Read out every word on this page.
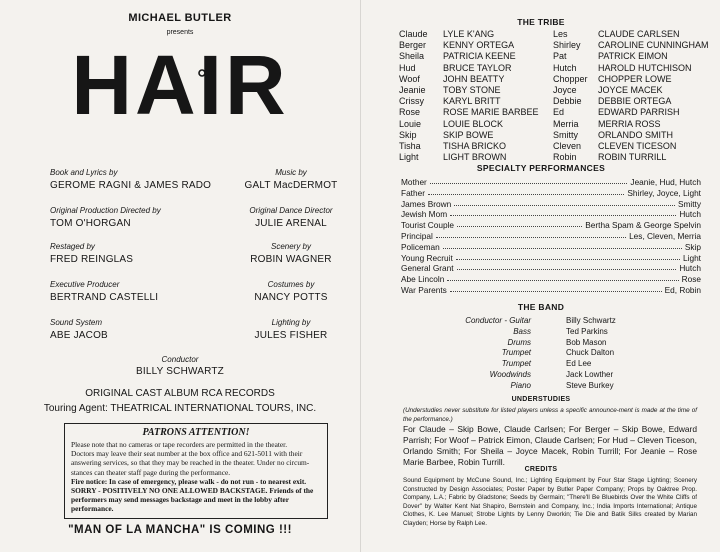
MICHAEL BUTLER
presents
HAIR
Book and Lyrics by
GEROME RAGNI & JAMES RADO
Music by
GALT MacDERMOT
Original Production Directed by
TOM O'HORGAN
Original Dance Director
JULIE ARENAL
Restaged by
FRED REINGLAS
Scenery by
ROBIN WAGNER
Executive Producer
BERTRAND CASTELLI
Costumes by
NANCY POTTS
Sound System
ABE JACOB
Lighting by
JULES FISHER
Conductor
BILLY SCHWARTZ
ORIGINAL CAST ALBUM RCA RECORDS
Touring Agent: THEATRICAL INTERNATIONAL TOURS, INC.
PATRONS ATTENTION!
Please note that no cameras or tape recorders are permitted in the theater.
Doctors may leave their seat number at the box office and 621-5011 with their
answering services, so that they may be reached in the theater. Under no circum-
stances can theater staff page during the performance.
Fire notice: In case of emergency, please walk - do not run - to nearest exit.
SORRY - POSITIVELY NO ONE ALLOWED BACKSTAGE. Friends of the
performers may send messages backstage and meet in the lobby after performance.
"MAN OF LA MANCHA" IS COMING !!!
THE TRIBE
Claude LYLE K'ANG	Les	CLAUDE CARLSEN
Berger KENNY ORTEGA	Shirley CAROLINE CUNNINGHAM
Sheila PATRICIA KEENE	Pat	PATRICK EIMON
Hud	BRUCE TAYLOR	Hutch HAROLD HUTCHISON
Woof	JOHN BEATTY	Chopper CHOPPER LOWE
Jeanie TOBY STONE	Joyce JOYCE MACEK
Crissy KARYL BRITT	Debbie DEBBIE ORTEGA
Rose	ROSE MARIE BARBEE Ed	EDWARD PARRISH
Louie LOUIE BLOCK	Merria MERRIA ROSS
Skip	SKIP BOWE	Smitty ORLANDO SMITH
Tisha TISHA BRICKO	Cleven CLEVEN TICESON
Light	LIGHT BROWN	Robin ROBIN TURRILL
SPECIALTY PERFORMANCES
Mother	Jeanie, Hud, Hutch
Father	Shirley, Joyce, Light
James Brown	Smitty
Jewish Mom	Hutch
Tourist Couple	Bertha Spam & George Spelvin
Principal	Les, Cleven, Merria
Policeman	Skip
Young Recruit	Light
General Grant	Hutch
Abe Lincoln	Rose
War Parents	Ed, Robin
THE BAND
Conductor - Guitar	Billy Schwartz
Bass	Ted Parkins
Drums	Bob Mason
Trumpet	Chuck Dalton
Trumpet	Ed Lee
Woodwinds	Jack Lowther
Piano	Steve Burkey
UNDERSTUDIES
(Understudies never substitute for listed players unless a specific announce-ment is made at the time of the performance.)
For Claude – Skip Bowe, Claude Carlsen; For Berger – Skip Bowe, Edward Parrish; For Woof – Patrick Eimon, Claude Carlsen; For Hud – Cleven Ticeson, Orlando Smith; For Sheila – Joyce Macek, Robin Turrill; For Jeanie – Rose Marie Barbee, Robin Turrill.
CREDITS
Sound Equipment by McCune Sound, Inc.; Lighting Equipment by Four Star Stage Lighting; Scenery Constructed by Design Associates; Poster Paper by Butler Paper Company; Props by Oaktree Prop. Company, L.A.; Fabric by Gladstone; Seeds by Germain; "There'll Be Bluebirds Over the White Cliffs of Dover" by Walter Kent Nat Shapiro, Bernstein and Company, Inc.; India Imports International; Antique Clothes, K. Lee Manuel; Strobe Lights by Lenny Dworkin; Tie Die and Batik Silks created by Marian Clayden; Horse by Ralph Lee.
